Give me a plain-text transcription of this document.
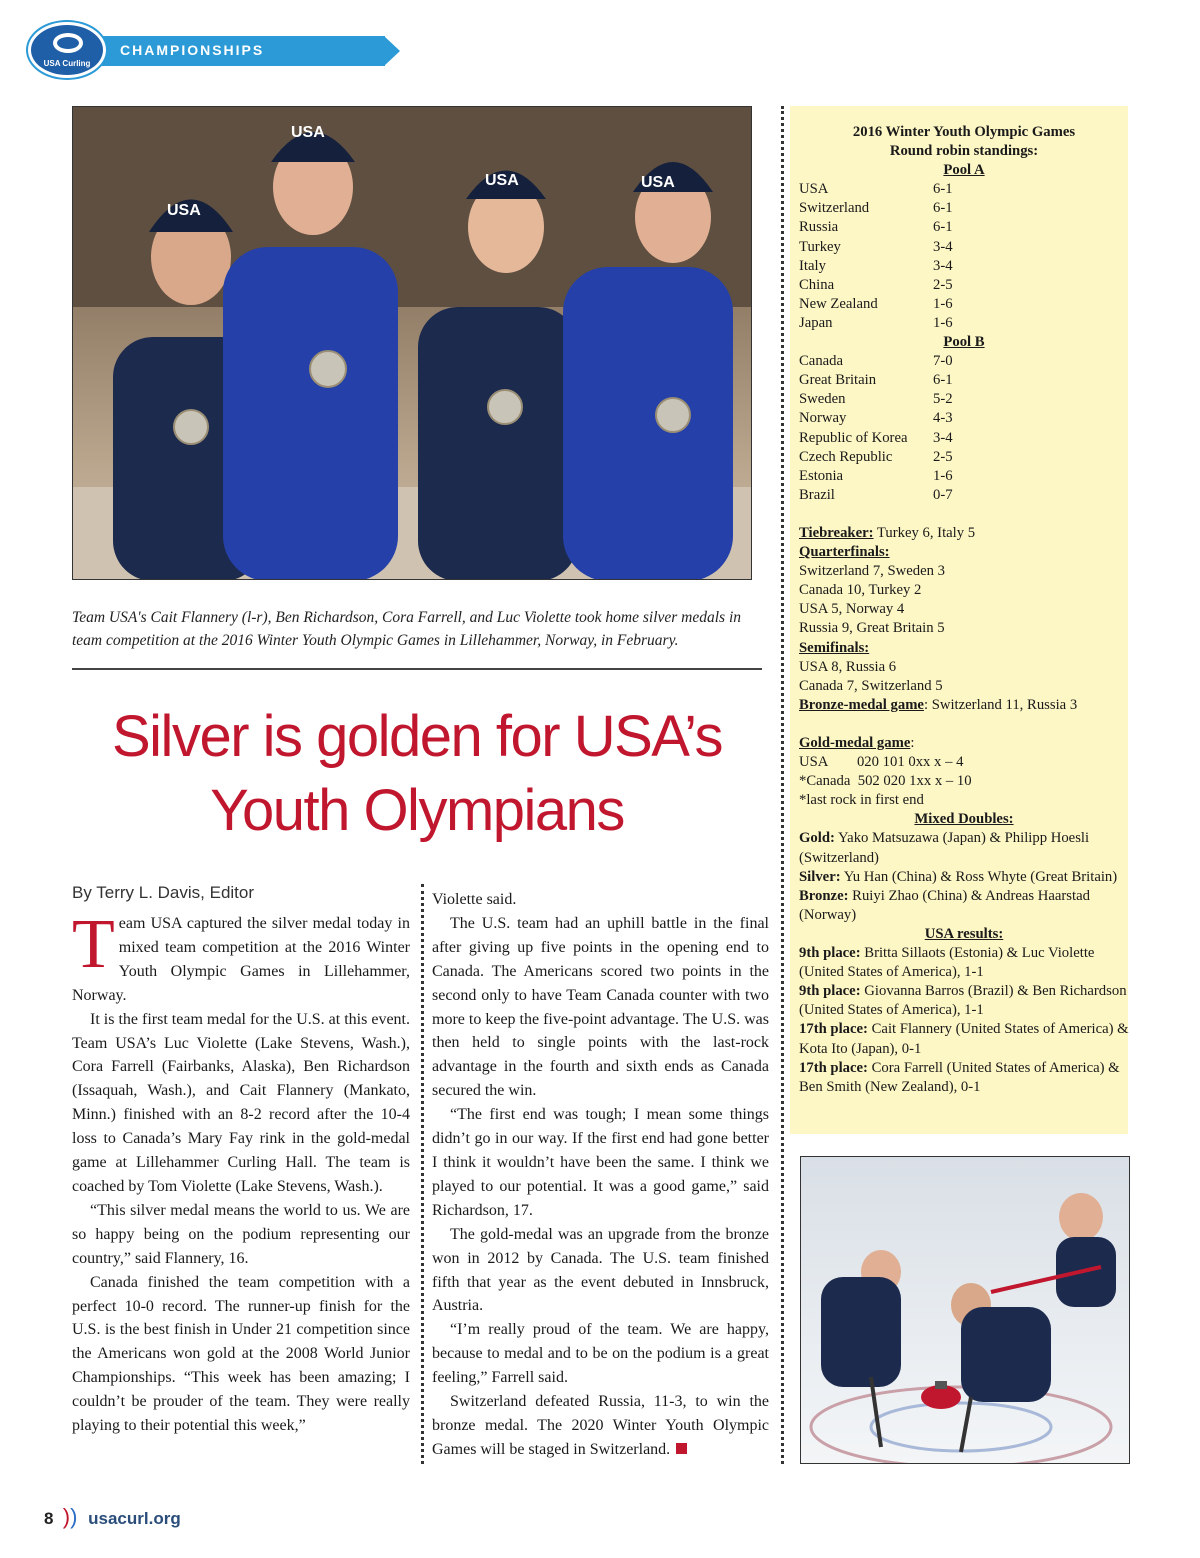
CHAMPIONSHIPS
USA Curling
USA
USA
USA	USA
Team USA's Cait Flannery (l-r), Ben Richardson, Cora Farrell, and Luc Violette took home silver medals in team competition at the 2016 Winter Youth Olympic Games in Lillehammer, Norway, in February.
Silver is golden for USA’s
Youth Olympians
By Terry L. Davis, Editor

Team USA captured the silver medal today in mixed team competition at the 2016 Winter Youth Olympic Games in Lillehammer, Norway.

It is the first team medal for the U.S. at this event. Team USA’s Luc Violette (Lake Stevens, Wash.), Cora Farrell (Fairbanks, Alaska), Ben Richardson (Issaquah, Wash.), and Cait Flannery (Mankato, Minn.) finished with an 8-2 record after the 10-4 loss to Canada’s Mary Fay rink in the gold-medal game at Lillehammer Curling Hall. The team is coached by Tom Violette (Lake Stevens, Wash.).

“This silver medal means the world to us. We are so happy being on the podium representing our country,” said Flannery, 16.

Canada finished the team competition with a perfect 10-0 record. The runner-up finish for the U.S. is the best finish in Under 21 competition since the Americans won gold at the 2008 World Junior Championships. “This week has been amazing; I couldn’t be prouder of the team. They were really playing to their potential this week,”

Violette said.

The U.S. team had an uphill battle in the final after giving up five points in the opening end to Canada. The Americans scored two points in the second only to have Team Canada counter with two more to keep the five-point advantage. The U.S. was then held to single points with the last-rock advantage in the fourth and sixth ends as Canada secured the win.

“The first end was tough; I mean some things didn’t go in our way. If the first end had gone better I think it wouldn’t have been the same. I think we played to our potential. It was a good game,” said Richardson, 17.

The gold-medal was an upgrade from the bronze won in 2012 by Canada. The U.S. team finished fifth that year as the event debuted in Innsbruck, Austria.

“I’m really proud of the team. We are happy, because to medal and to be on the podium is a great feeling,” Farrell said.

Switzerland defeated Russia, 11-3, to win the bronze medal. The 2020 Winter Youth Olympic Games will be staged in Switzerland.

2016 Winter Youth Olympic Games
Round robin standings:
Pool A
USA	6-1
Switzerland	6-1
Russia	6-1
Turkey	3-4
Italy	3-4
China	2-5
New Zealand	1-6
Japan	1-6
Pool B
Canada	7-0
Great Britain	6-1
Sweden	5-2
Norway	4-3
Republic of Korea	3-4
Czech Republic	2-5
Estonia	1-6
Brazil	0-7
Tiebreaker: Turkey 6, Italy 5
Quarterfinals:
Switzerland 7, Sweden 3
Canada 10, Turkey 2
USA 5, Norway 4
Russia 9, Great Britain 5
Semifinals:
USA 8, Russia 6
Canada 7, Switzerland 5
Bronze-medal game: Switzerland 11, Russia 3
Gold-medal game:
USA        020 101 0xx x – 4
*Canada  502 020 1xx x – 10
*last rock in first end
Mixed Doubles:
Gold: Yako Matsuzawa (Japan) & Philipp Hoesli (Switzerland)
Silver: Yu Han (China) & Ross Whyte (Great Britain)
Bronze: Ruiyi Zhao (China) & Andreas Haarstad (Norway)
USA results:
9th place: Britta Sillaots (Estonia) & Luc Violette (United States of America), 1-1
9th place: Giovanna Barros (Brazil) & Ben Richardson (United States of America), 1-1
17th place: Cait Flannery (United States of America) & Kota Ito (Japan), 0-1
17th place: Cora Farrell (United States of America) & Ben Smith (New Zealand), 0-1
8 )) usacurl.org
